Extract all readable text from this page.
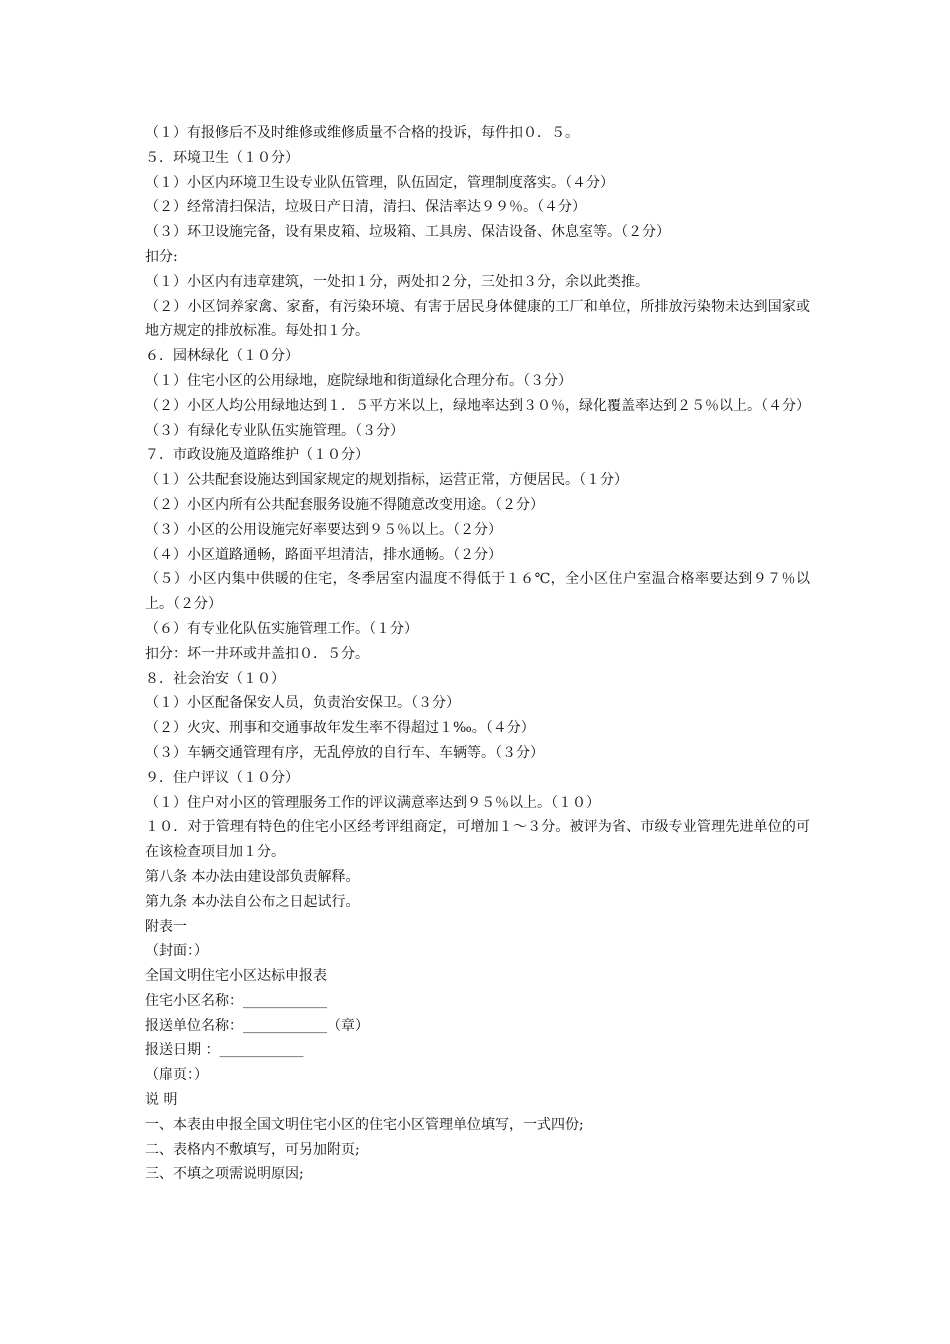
（１）有报修后不及时维修或维修质量不合格的投诉，每件扣０．５。
５．环境卫生（１０分）
（１）小区内环境卫生设专业队伍管理，队伍固定，管理制度落实。（４分）
（２）经常清扫保洁，垃圾日产日清，清扫、保洁率达９９％。（４分）
（３）环卫设施完备，设有果皮箱、垃圾箱、工具房、保洁设备、休息室等。（２分）
扣分:
（１）小区内有违章建筑，一处扣１分，两处扣２分，三处扣３分，余以此类推。
（２）小区饲养家禽、家畜，有污染环境、有害于居民身体健康的工厂和单位，所排放污染物未达到国家或地方规定的排放标准。每处扣１分。
６．园林绿化（１０分）
（１）住宅小区的公用绿地，庭院绿地和街道绿化合理分布。（３分）
（２）小区人均公用绿地达到１．５平方米以上，绿地率达到３０％，绿化覆盖率达到２５％以上。（４分）
（３）有绿化专业队伍实施管理。（３分）
７．市政设施及道路维护（１０分）
（１）公共配套设施达到国家规定的规划指标，运营正常，方便居民。（１分）
（２）小区内所有公共配套服务设施不得随意改变用途。（２分）
（３）小区的公用设施完好率要达到９５％以上。（２分）
（４）小区道路通畅，路面平坦清洁，排水通畅。（２分）
（５）小区内集中供暖的住宅，冬季居室内温度不得低于１６℃，全小区住户室温合格率要达到９７％以上。（２分）
（６）有专业化队伍实施管理工作。（１分）
扣分：坏一井环或井盖扣０．５分。
８．社会治安（１０）
（１）小区配备保安人员，负责治安保卫。（３分）
（２）火灾、刑事和交通事故年发生率不得超过１‰。（４分）
（３）车辆交通管理有序，无乱停放的自行车、车辆等。（３分）
９．住户评议（１０分）
（１）住户对小区的管理服务工作的评议满意率达到９５％以上。（１０）
１０．对于管理有特色的住宅小区经考评组商定，可增加１～３分。被评为省、市级专业管理先进单位的可在该检查项目加１分。
第八条 本办法由建设部负责解释。
第九条 本办法自公布之日起试行。
附表一
（封面：）
全国文明住宅小区达标申报表
住宅小区名称：____________
报送单位名称：____________（章）
报送日期 ：____________
（扉页：）
说 明
一、本表由申报全国文明住宅小区的住宅小区管理单位填写，一式四份;
二、表格内不敷填写，可另加附页;
三、不填之项需说明原因;
